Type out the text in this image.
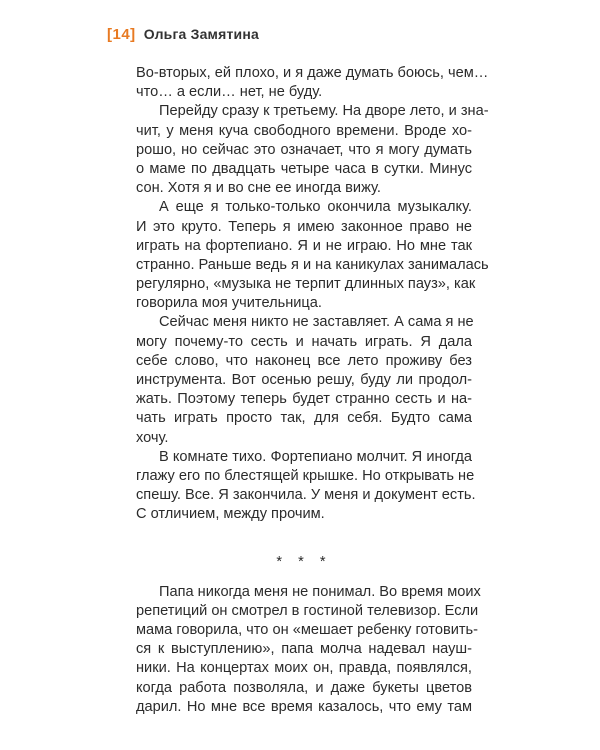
[14] Ольга Замятина
Во-вторых, ей плохо, и я даже думать боюсь, чем…
что… а если… нет, не буду.
Перейду сразу к третьему. На дворе лето, и зна-
чит, у меня куча свободного времени. Вроде хо-
рошо, но сейчас это означает, что я могу думать
о маме по двадцать четыре часа в сутки. Минус
сон. Хотя я и во сне ее иногда вижу.
А еще я только-только окончила музыкалку.
И это круто. Теперь я имею законное право не
играть на фортепиано. Я и не играю. Но мне так
странно. Раньше ведь я и на каникулах занималась
регулярно, «музыка не терпит длинных пауз», как
говорила моя учительница.
Сейчас меня никто не заставляет. А сама я не
могу почему-то сесть и начать играть. Я дала
себе слово, что наконец все лето проживу без
инструмента. Вот осенью решу, буду ли продол-
жать. Поэтому теперь будет странно сесть и на-
чать играть просто так, для себя. Будто сама
хочу.
В комнате тихо. Фортепиано молчит. Я иногда
глажу его по блестящей крышке. Но открывать не
спешу. Все. Я закончила. У меня и документ есть.
С отличием, между прочим.
* * *
Папа никогда меня не понимал. Во время моих
репетиций он смотрел в гостиной телевизор. Если
мама говорила, что он «мешает ребенку готовить-
ся к выступлению», папа молча надевал науш-
ники. На концертах моих он, правда, появлялся,
когда работа позволяла, и даже букеты цветов
дарил. Но мне все время казалось, что ему там
